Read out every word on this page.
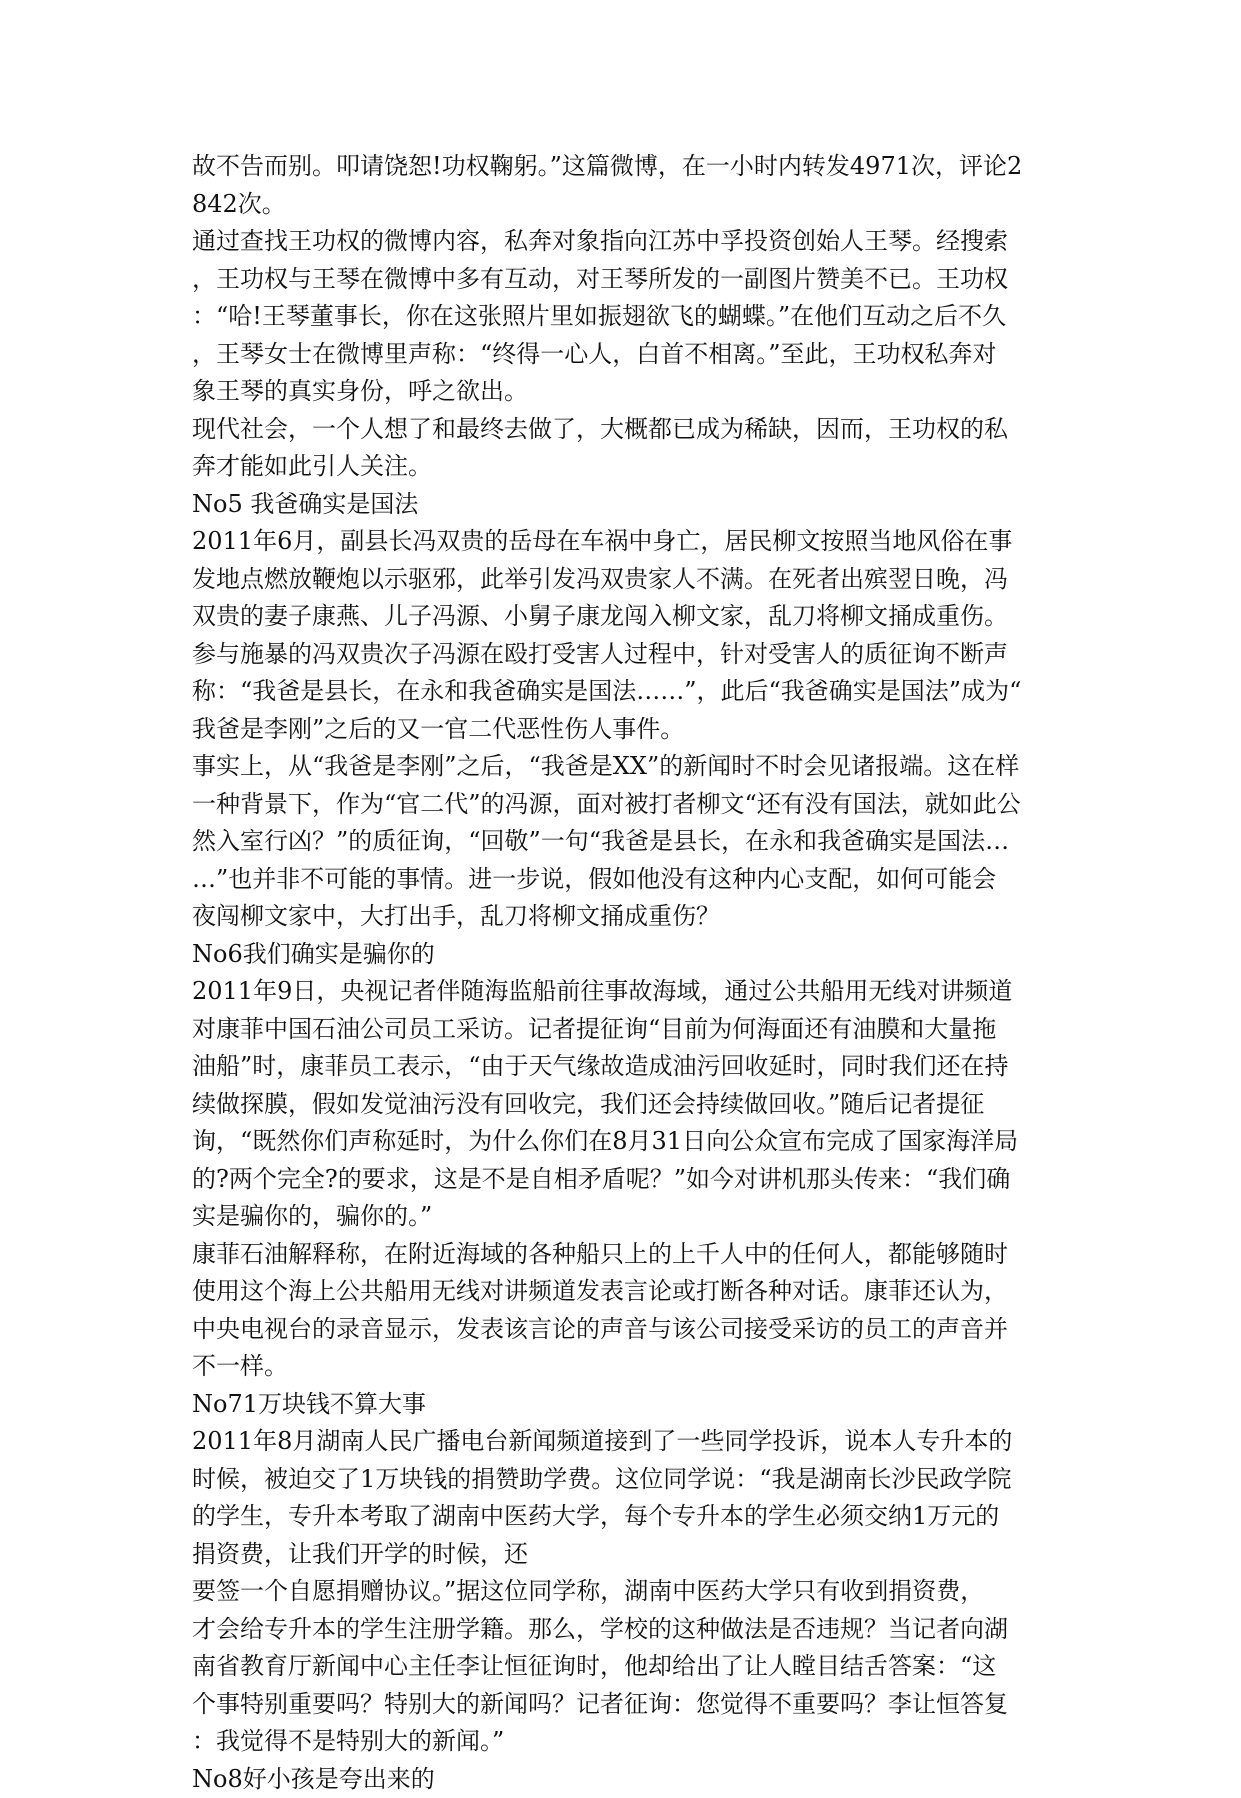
故不告而别。叩请饶恕!功权鞠躬。”这篇微博，在一小时内转发4971次，评论2

842次。

通过查找王功权的微博内容，私奔对象指向江苏中孚投资创始人王琴。经搜索

，王功权与王琴在微博中多有互动，对王琴所发的一副图片赞美不已。王功权

：“哈!王琴董事长，你在这张照片里如振翅欲飞的蝴蝶。”在他们互动之后不久

，王琴女士在微博里声称：“终得一心人，白首不相离。”至此，王功权私奔对

象王琴的真实身份，呼之欲出。

现代社会，一个人想了和最终去做了，大概都已成为稀缺，因而，王功权的私

奔才能如此引人关注。

No5 我爸确实是国法

2011年6月，副县长冯双贵的岳母在车祸中身亡，居民柳文按照当地风俗在事

发地点燃放鞭炮以示驱邪，此举引发冯双贵家人不满。在死者出殡翌日晚，冯

双贵的妻子康燕、儿子冯源、小舅子康龙闯入柳文家，乱刀将柳文捅成重伤。

参与施暴的冯双贵次子冯源在殴打受害人过程中，针对受害人的质征询不断声

称：“我爸是县长，在永和我爸确实是国法……”，此后“我爸确实是国法”成为“

我爸是李刚”之后的又一官二代恶性伤人事件。

事实上，从“我爸是李刚”之后，“我爸是XX”的新闻时不时会见诸报端。这在样

一种背景下，作为“官二代”的冯源，面对被打者柳文“还有没有国法，就如此公

然入室行凶？”的质征询，“回敬”一句“我爸是县长，在永和我爸确实是国法…

…”也并非不可能的事情。进一步说，假如他没有这种内心支配，如何可能会

夜闯柳文家中，大打出手，乱刀将柳文捅成重伤？

No6我们确实是骗你的

2011年9日，央视记者伴随海监船前往事故海域，通过公共船用无线对讲频道

对康菲中国石油公司员工采访。记者提征询“目前为何海面还有油膜和大量拖

油船”时，康菲员工表示，“由于天气缘故造成油污回收延时，同时我们还在持

续做探膜，假如发觉油污没有回收完，我们还会持续做回收。”随后记者提征

询，“既然你们声称延时，为什么你们在8月31日向公众宣布完成了国家海洋局

的?两个完全?的要求，这是不是自相矛盾呢？”如今对讲机那头传来：“我们确

实是骗你的，骗你的。”

康菲石油解释称，在附近海域的各种船只上的上千人中的任何人，都能够随时

使用这个海上公共船用无线对讲频道发表言论或打断各种对话。康菲还认为，

中央电视台的录音显示，发表该言论的声音与该公司接受采访的员工的声音并

不一样。

No71万块钱不算大事

2011年8月湖南人民广播电台新闻频道接到了一些同学投诉，说本人专升本的

时候，被迫交了1万块钱的捐赞助学费。这位同学说：“我是湖南长沙民政学院

的学生，专升本考取了湖南中医药大学，每个专升本的学生必须交纳1万元的

捐资费，让我们开学的时候，还

要签一个自愿捐赠协议。”据这位同学称，湖南中医药大学只有收到捐资费，

才会给专升本的学生注册学籍。那么，学校的这种做法是否违规？当记者向湖

南省教育厅新闻中心主任李让恒征询时，他却给出了让人瞠目结舌答案：“这

个事特别重要吗？特别大的新闻吗？记者征询：您觉得不重要吗？李让恒答复

：我觉得不是特别大的新闻。”

No8好小孩是夸出来的
